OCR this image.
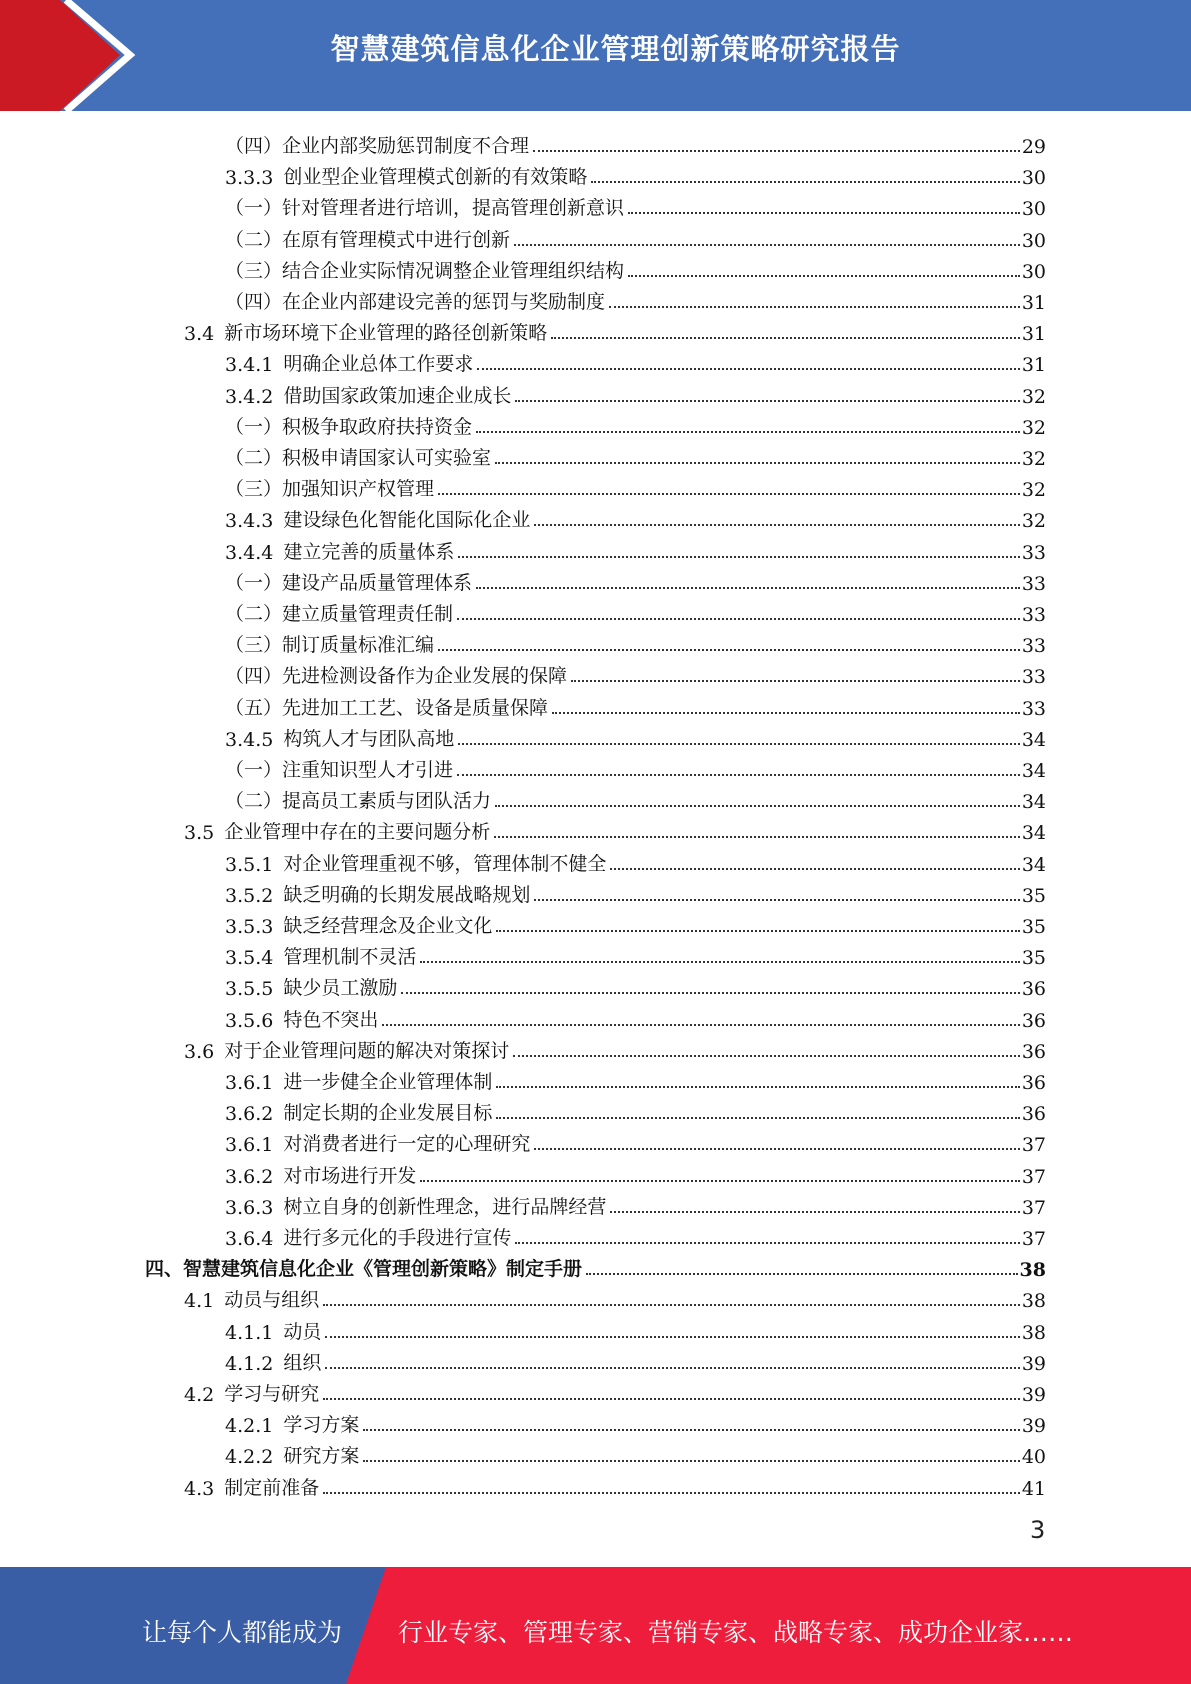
智慧建筑信息化企业管理创新策略研究报告
（四）企业内部奖励惩罚制度不合理	29
3.3.3 创业型企业管理模式创新的有效策略	30
（一）针对管理者进行培训，提高管理创新意识	30
（二）在原有管理模式中进行创新	30
（三）结合企业实际情况调整企业管理组织结构	30
（四）在企业内部建设完善的惩罚与奖励制度	31
3.4 新市场环境下企业管理的路径创新策略	31
3.4.1 明确企业总体工作要求	31
3.4.2 借助国家政策加速企业成长	32
（一）积极争取政府扶持资金	32
（二）积极申请国家认可实验室	32
（三）加强知识产权管理	32
3.4.3 建设绿色化智能化国际化企业	32
3.4.4 建立完善的质量体系	33
（一）建设产品质量管理体系	33
（二）建立质量管理责任制	33
（三）制订质量标准汇编	33
（四）先进检测设备作为企业发展的保障	33
（五）先进加工工艺、设备是质量保障	33
3.4.5 构筑人才与团队高地	34
（一）注重知识型人才引进	34
（二）提高员工素质与团队活力	34
3.5 企业管理中存在的主要问题分析	34
3.5.1 对企业管理重视不够，管理体制不健全	34
3.5.2 缺乏明确的长期发展战略规划	35
3.5.3 缺乏经营理念及企业文化	35
3.5.4 管理机制不灵活	35
3.5.5 缺少员工激励	36
3.5.6 特色不突出	36
3.6 对于企业管理问题的解决对策探讨	36
3.6.1 进一步健全企业管理体制	36
3.6.2 制定长期的企业发展目标	36
3.6.1 对消费者进行一定的心理研究	37
3.6.2 对市场进行开发	37
3.6.3 树立自身的创新性理念，进行品牌经营	37
3.6.4 进行多元化的手段进行宣传	37
四、智慧建筑信息化企业《管理创新策略》制定手册	38
4.1 动员与组织	38
4.1.1 动员	38
4.1.2 组织	39
4.2 学习与研究	39
4.2.1 学习方案	39
4.2.2 研究方案	40
4.3 制定前准备	41
3
让每个人都能成为 行业专家、管理专家、营销专家、战略专家、成功企业家……
